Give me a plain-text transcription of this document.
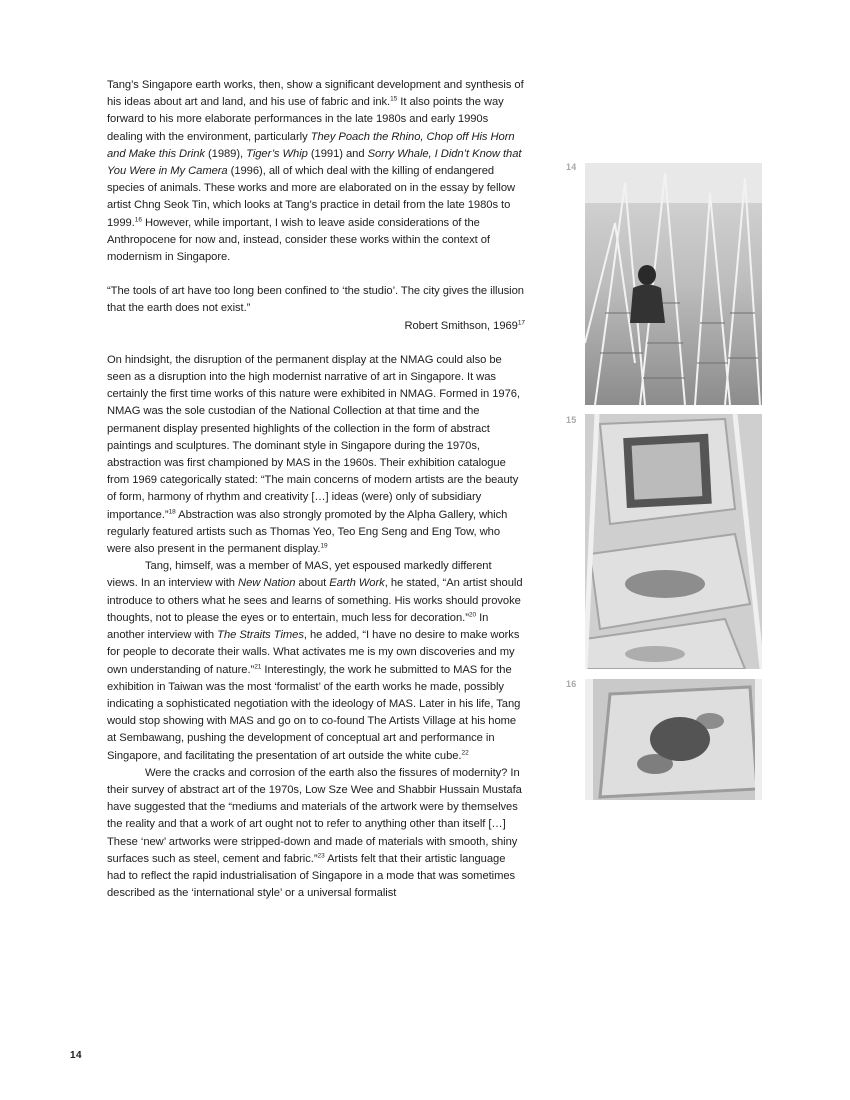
Tang’s Singapore earth works, then, show a significant development and synthesis of his ideas about art and land, and his use of fabric and ink.$^{15}$ It also points the way forward to his more elaborate performances in the late 1980s and early 1990s dealing with the environment, particularly They Poach the Rhino, Chop off His Horn and Make this Drink (1989), Tiger’s Whip (1991) and Sorry Whale, I Didn’t Know that You Were in My Camera (1996), all of which deal with the killing of endangered species of animals. These works and more are elaborated on in the essay by fellow artist Chng Seok Tin, which looks at Tang’s practice in detail from the late 1980s to 1999.16 However, while important, I wish to leave aside considerations of the Anthropocene for now and, instead, consider these works within the context of modernism in Singapore.

“The tools of art have too long been confined to ‘the studio’. The city gives the illusion that the earth does not exist.”

Robert Smithson, 1969$^{17}$

On hindsight, the disruption of the permanent display at the NMAG could also be seen as a disruption into the high modernist narrative of art in Singapore. It was certainly the first time works of this nature were exhibited in NMAG. Formed in 1976, NMAG was the sole custodian of the National Collection at that time and the permanent display presented highlights of the collection in the form of abstract paintings and sculptures. The dominant style in Singapore during the 1970s, abstraction was first championed by MAS in the 1960s. Their exhibition catalogue from 1969 categorically stated: “The main concerns of modern artists are the beauty of form, harmony of rhythm and creativity […] ideas (were) only of subsidiary importance.”$^{18}$ Abstraction was also strongly promoted by the Alpha Gallery, which regularly featured artists such as Thomas Yeo, Teo Eng Seng and Eng Tow, who were also present in the permanent display.$^{19}$

Tang, himself, was a member of MAS, yet espoused markedly different views. In an interview with New Nation about Earth Work, he stated, “An artist should introduce to others what he sees and learns of something. His works should provoke thoughts, not to please the eyes or to entertain, much less for decoration.”$^{20}$ In another interview with The Straits Times, he added, “I have no desire to make works for people to decorate their walls. What activates me is my own discoveries and my own understanding of nature.”$^{21}$ Interestingly, the work he submitted to MAS for the exhibition in Taiwan was the most ‘formalist’ of the earth works he made, possibly indicating a sophisticated negotiation with the ideology of MAS. Later in his life, Tang would stop showing with MAS and go on to co-found The Artists Village at his home at Sembawang, pushing the development of conceptual art and performance in Singapore, and facilitating the presentation of art outside the white cube.$^{22}$

Were the cracks and corrosion of the earth also the fissures of modernity? In their survey of abstract art of the 1970s, Low Sze Wee and Shabbir Hussain Mustafa have suggested that the “mediums and materials of the artwork were by themselves the reality and that a work of art ought not to refer to anything other than itself […] These ‘new’ artworks were stripped-down and made of materials with smooth, shiny surfaces such as steel, cement and fabric.”$^{23}$ Artists felt that their artistic language had to reflect the rapid industrialisation of Singapore in a mode that was sometimes described as the ‘international style’ or a universal formalist

14
15
16
14
